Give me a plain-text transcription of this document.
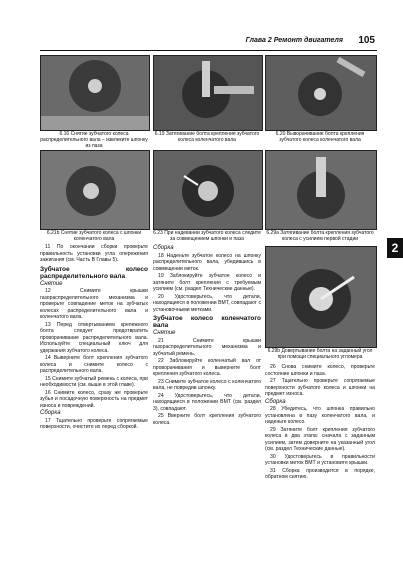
Глава 2 Ремонт двигателя 105
2
6.16 Снятие зубчатого колеса распределительного вала – извлеките шпонку из паза
6.19 Затягивание болта крепления зубчатого колеса коленчатого вала
6.20 Выворачивание болта крепления зубчатого колеса коленчатого вала
6.21b Снятие зубчатого колеса с шпонки коленчатого вала
6.23 При надевании зубчатого колеса следите за совмещением шпонки и паза
6.29a Затягивание болта крепления зубчатого колеса с усилием первой стадии
6.29b Довертывание болта на заданный угол при помощи специального угломера

11 По окончании сборки проверьте правильность установки угла опережения зажигания (см. Часть В Главы 5).

Зубчатое колесо распределительного вала
Снятие

12 Снимите крышки газораспределительного механизма и проверьте совпадение меток на зубчатых колесах распределительного вала и коленчатого вала.

13 Перед отвертыванием крепежного болта следует предотвратить проворачивание распределительного вала. Используйте специальный ключ для удержания зубчатого колеса.

14 Выверните болт крепления зубчатого колеса и снимите колесо с распределительного вала.

15 Снимите зубчатый ремень с колеса, при необходимости (см. выше в этой главе).

16 Снимите колесо, сразу же проверьте зубья и посадочную поверхность на предмет износа и повреждений.

Сборка

17 Тщательно проверьте сопрягаемые поверхности, очистите их перед сборкой.

Сборка

18 Наденьте зубчатое колесо на шпонку распределительного вала, убедившись в совмещении меток.

19 Заблокируйте зубчатое колесо и затяните болт крепления с требуемым усилием (см. раздел Технические данные).

20 Удостоверьтесь, что детали, находящиеся в положении ВМТ, совпадают с установочными метками.

Зубчатое колесо коленчатого вала
Снятие

21 Снимите крышки газораспределительного механизма и зубчатый ремень.

22 Заблокируйте коленчатый вал от проворачивания и выверните болт крепления зубчатого колеса.

23 Снимите зубчатое колесо с коленчатого вала, не повредив шпонку.

24 Удостоверьтесь, что детали, находящиеся в положении ВМТ (см. раздел 3), совпадают.

25 Вверните болт крепления зубчатого колеса.

26 Снова снимите колесо, проверьте состояние шпонки и паза.

27 Тщательно проверьте сопрягаемые поверхности зубчатого колеса и шпонки на предмет износа.

Сборка

28 Убедитесь, что шпонка правильно установлена в пазу коленчатого вала, и наденьте колесо.

29 Затяните болт крепления зубчатого колеса в два этапа: сначала с заданным усилием, затем доверните на указанный угол (см. раздел Технические данные).

30 Удостоверьтесь в правильности установки меток ВМТ и установите крышки.

31 Сборка производится в порядке, обратном снятию.
